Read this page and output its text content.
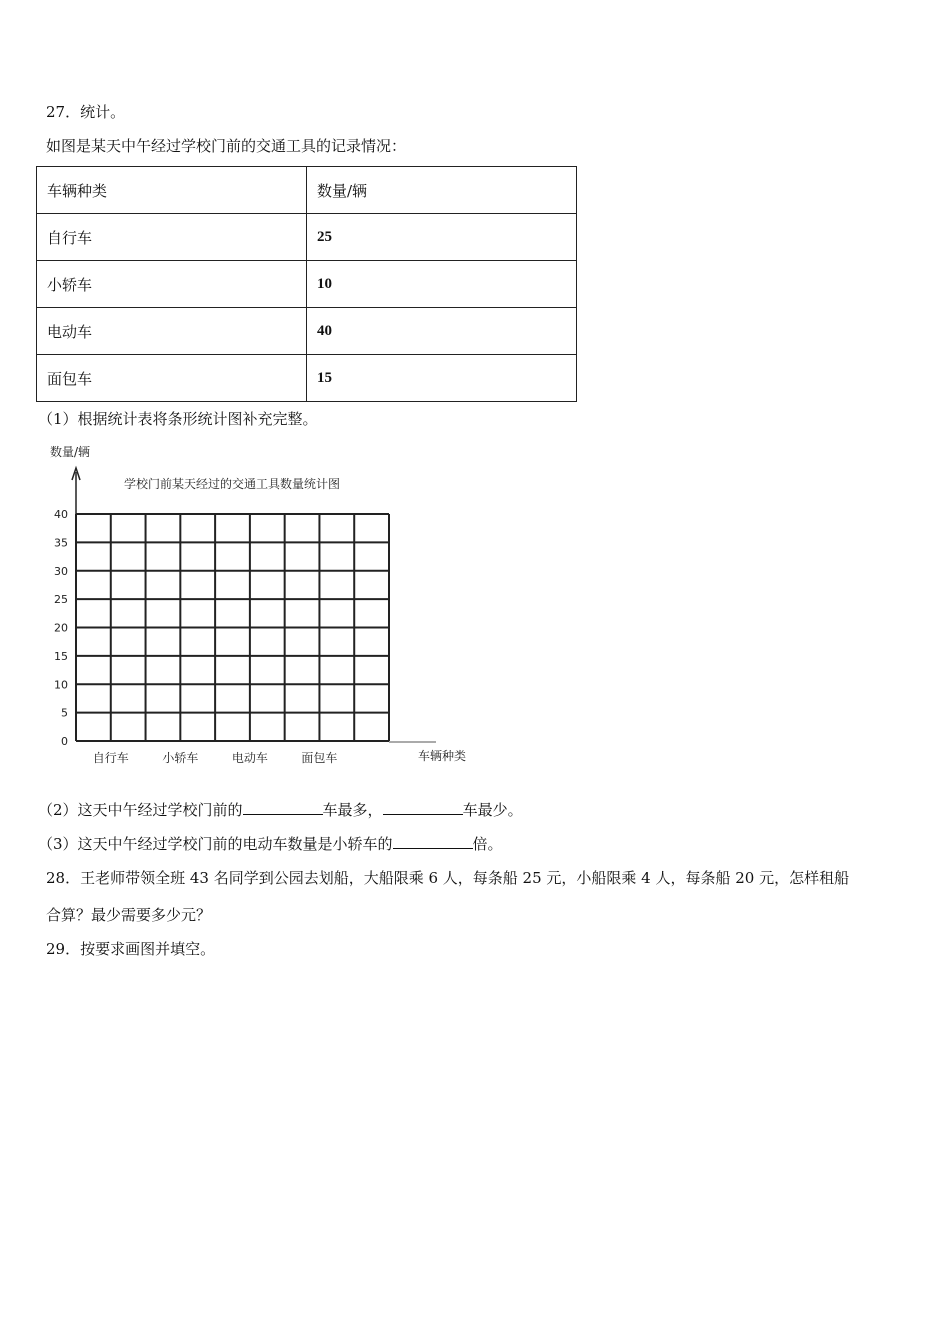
27．统计。
如图是某天中午经过学校门前的交通工具的记录情况：
车辆种类	数量/辆
自行车	25
小轿车	10
电动车	40
面包车	15
（1）根据统计表将条形统计图补充完整。
0
5
10
15
20
25
30
35
40
数量/辆
学校门前某天经过的交通工具数量统计图
自行车	小轿车	电动车	面包车	车辆种类
（2）这天中午经过学校门前的	车最多，	车最少。
（3）这天中午经过学校门前的电动车数量是小轿车的	倍。
28．王老师带领全班 43 名同学到公园去划船，大船限乘 6 人，每条船 25 元，小船限乘 4 人，每条船 20 元，怎样租船
合算？最少需要多少元？
29．按要求画图并填空。
